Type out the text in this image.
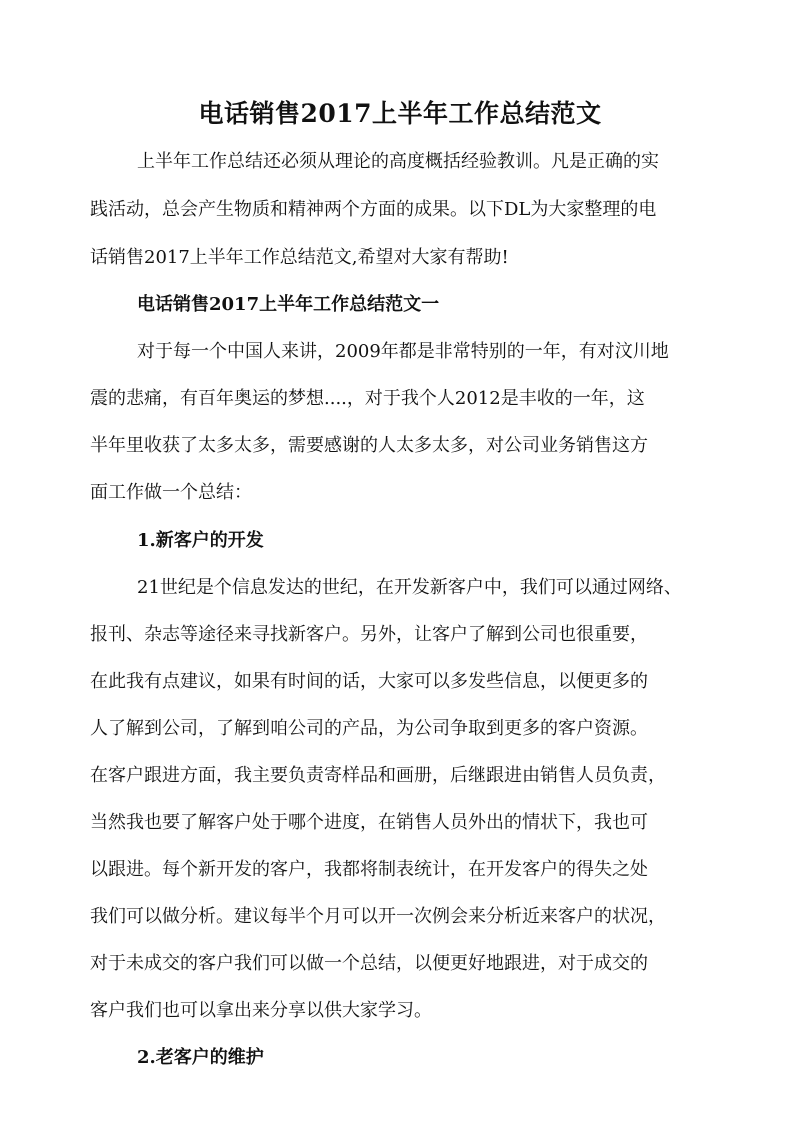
电话销售2017上半年工作总结范文
上半年工作总结还必须从理论的高度概括经验教训。凡是正确的实
践活动，总会产生物质和精神两个方面的成果。以下DL为大家整理的电
话销售2017上半年工作总结范文,希望对大家有帮助!
电话销售2017上半年工作总结范文一
对于每一个中国人来讲，2009年都是非常特别的一年，有对汶川地
震的悲痛，有百年奥运的梦想....，对于我个人2012是丰收的一年，这
半年里收获了太多太多，需要感谢的人太多太多，对公司业务销售这方
面工作做一个总结：
1.新客户的开发
21世纪是个信息发达的世纪，在开发新客户中，我们可以通过网络、
报刊、杂志等途径来寻找新客户。另外，让客户了解到公司也很重要，
在此我有点建议，如果有时间的话，大家可以多发些信息，以便更多的
人了解到公司，了解到咱公司的产品，为公司争取到更多的客户资源。
在客户跟进方面，我主要负责寄样品和画册，后继跟进由销售人员负责，
当然我也要了解客户处于哪个进度，在销售人员外出的情状下，我也可
以跟进。每个新开发的客户，我都将制表统计，在开发客户的得失之处
我们可以做分析。建议每半个月可以开一次例会来分析近来客户的状况，
对于未成交的客户我们可以做一个总结，以便更好地跟进，对于成交的
客户我们也可以拿出来分享以供大家学习。
2.老客户的维护
